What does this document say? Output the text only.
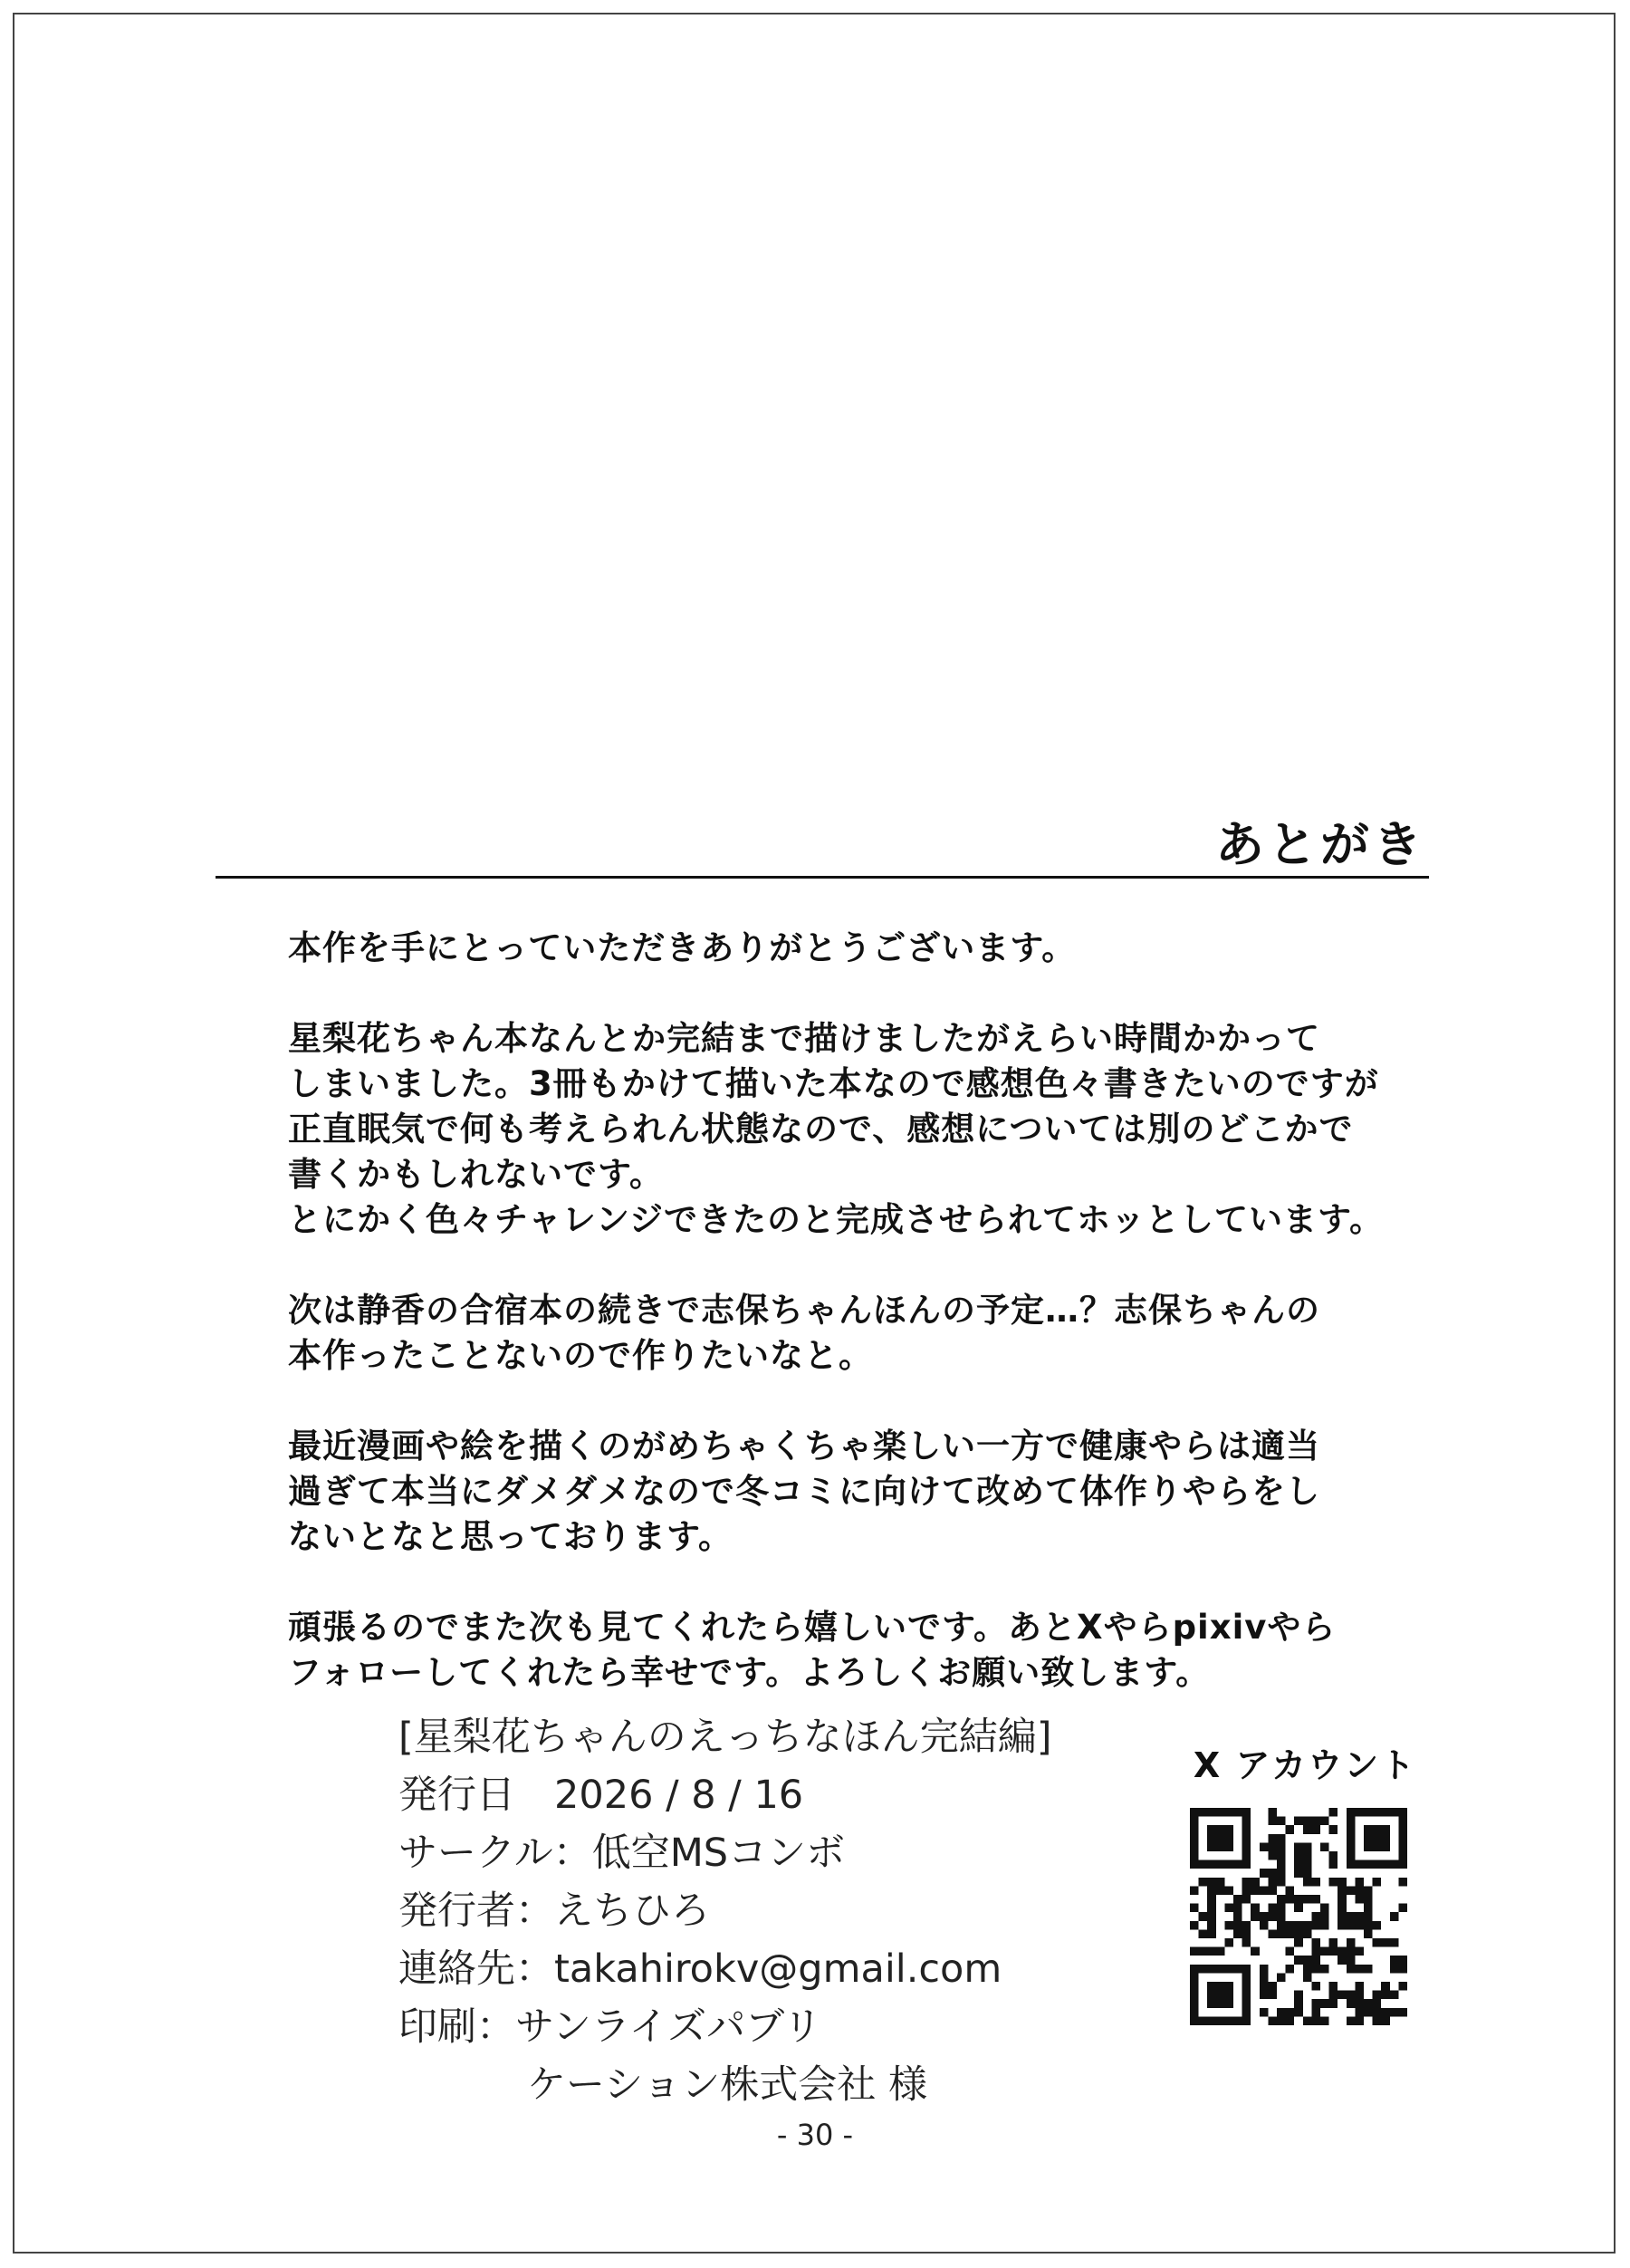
あとがき

本作を手にとっていただきありがとうございます。

星梨花ちゃん本なんとか完結まで描けましたがえらい時間かかって
しまいました。3冊もかけて描いた本なので感想色々書きたいのですが
正直眠気で何も考えられん状態なので、感想については別のどこかで
書くかもしれないです。
とにかく色々チャレンジできたのと完成させられてホッとしています。

次は静香の合宿本の続きで志保ちゃんほんの予定…？志保ちゃんの
本作ったことないので作りたいなと。

最近漫画や絵を描くのがめちゃくちゃ楽しい一方で健康やらは適当
過ぎて本当にダメダメなので冬コミに向けて改めて体作りやらをし
ないとなと思っております。

頑張るのでまた次も見てくれたら嬉しいです。あとXやらpixivやら
フォローしてくれたら幸せです。よろしくお願い致します。

[星梨花ちゃんのえっちなほん完結編]
発行日　2026 / 8 / 16
サークル：低空MSコンボ
発行者：えちひろ
連絡先：takahirokv@gmail.com
印刷：サンライズパブリ
ケーション株式会社 様
X アカウント
- 30 -
